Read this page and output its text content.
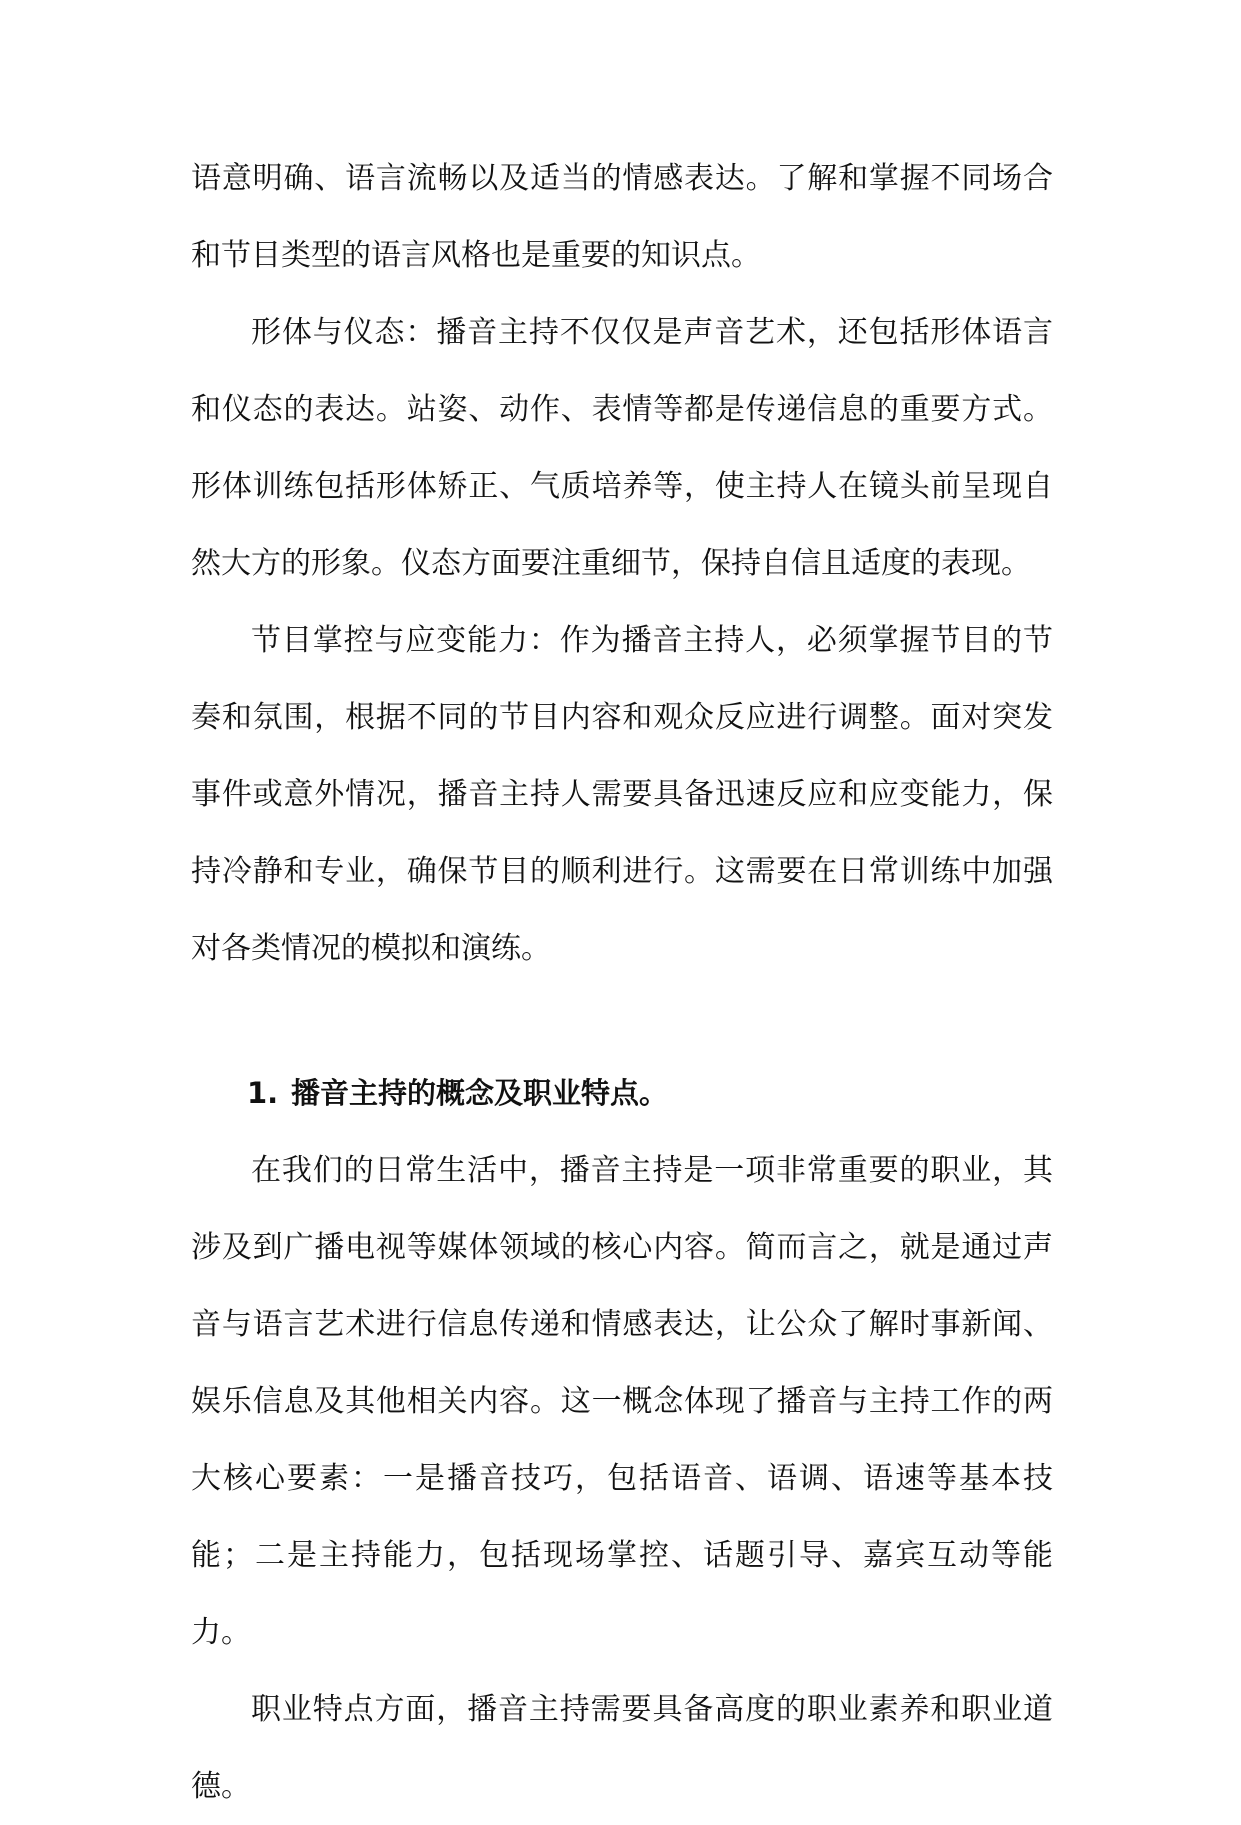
语意明确、语言流畅以及适当的情感表达。了解和掌握不同场合和节目类型的语言风格也是重要的知识点。

形体与仪态：播音主持不仅仅是声音艺术，还包括形体语言和仪态的表达。站姿、动作、表情等都是传递信息的重要方式。形体训练包括形体矫正、气质培养等，使主持人在镜头前呈现自然大方的形象。仪态方面要注重细节，保持自信且适度的表现。

节目掌控与应变能力：作为播音主持人，必须掌握节目的节奏和氛围，根据不同的节目内容和观众反应进行调整。面对突发事件或意外情况，播音主持人需要具备迅速反应和应变能力，保持冷静和专业，确保节目的顺利进行。这需要在日常训练中加强对各类情况的模拟和演练。

1. 播音主持的概念及职业特点。

在我们的日常生活中，播音主持是一项非常重要的职业，其涉及到广播电视等媒体领域的核心内容。简而言之，就是通过声音与语言艺术进行信息传递和情感表达，让公众了解时事新闻、娱乐信息及其他相关内容。这一概念体现了播音与主持工作的两大核心要素：一是播音技巧，包括语音、语调、语速等基本技能；二是主持能力，包括现场掌控、话题引导、嘉宾互动等能力。

职业特点方面，播音主持需要具备高度的职业素养和职业道德。
